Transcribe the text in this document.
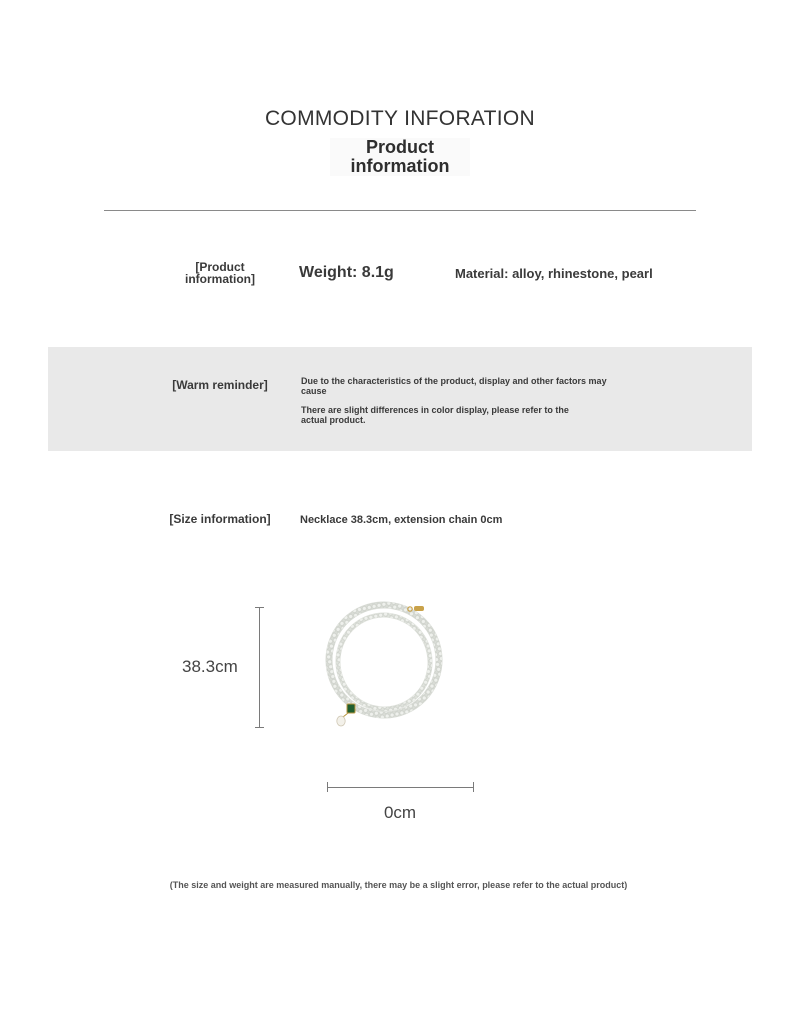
COMMODITY INFORATION
Product information
[Product information]	Weight: 8.1g	Material: alloy, rhinestone, pearl
[Warm reminder]	Due to the characteristics of the product, display and other factors may cause
There are slight differences in color display, please refer to the actual product.
[Size information]	Necklace 38.3cm, extension chain 0cm
38.3cm
0cm
(The size and weight are measured manually, there may be a slight error, please refer to the actual product)
